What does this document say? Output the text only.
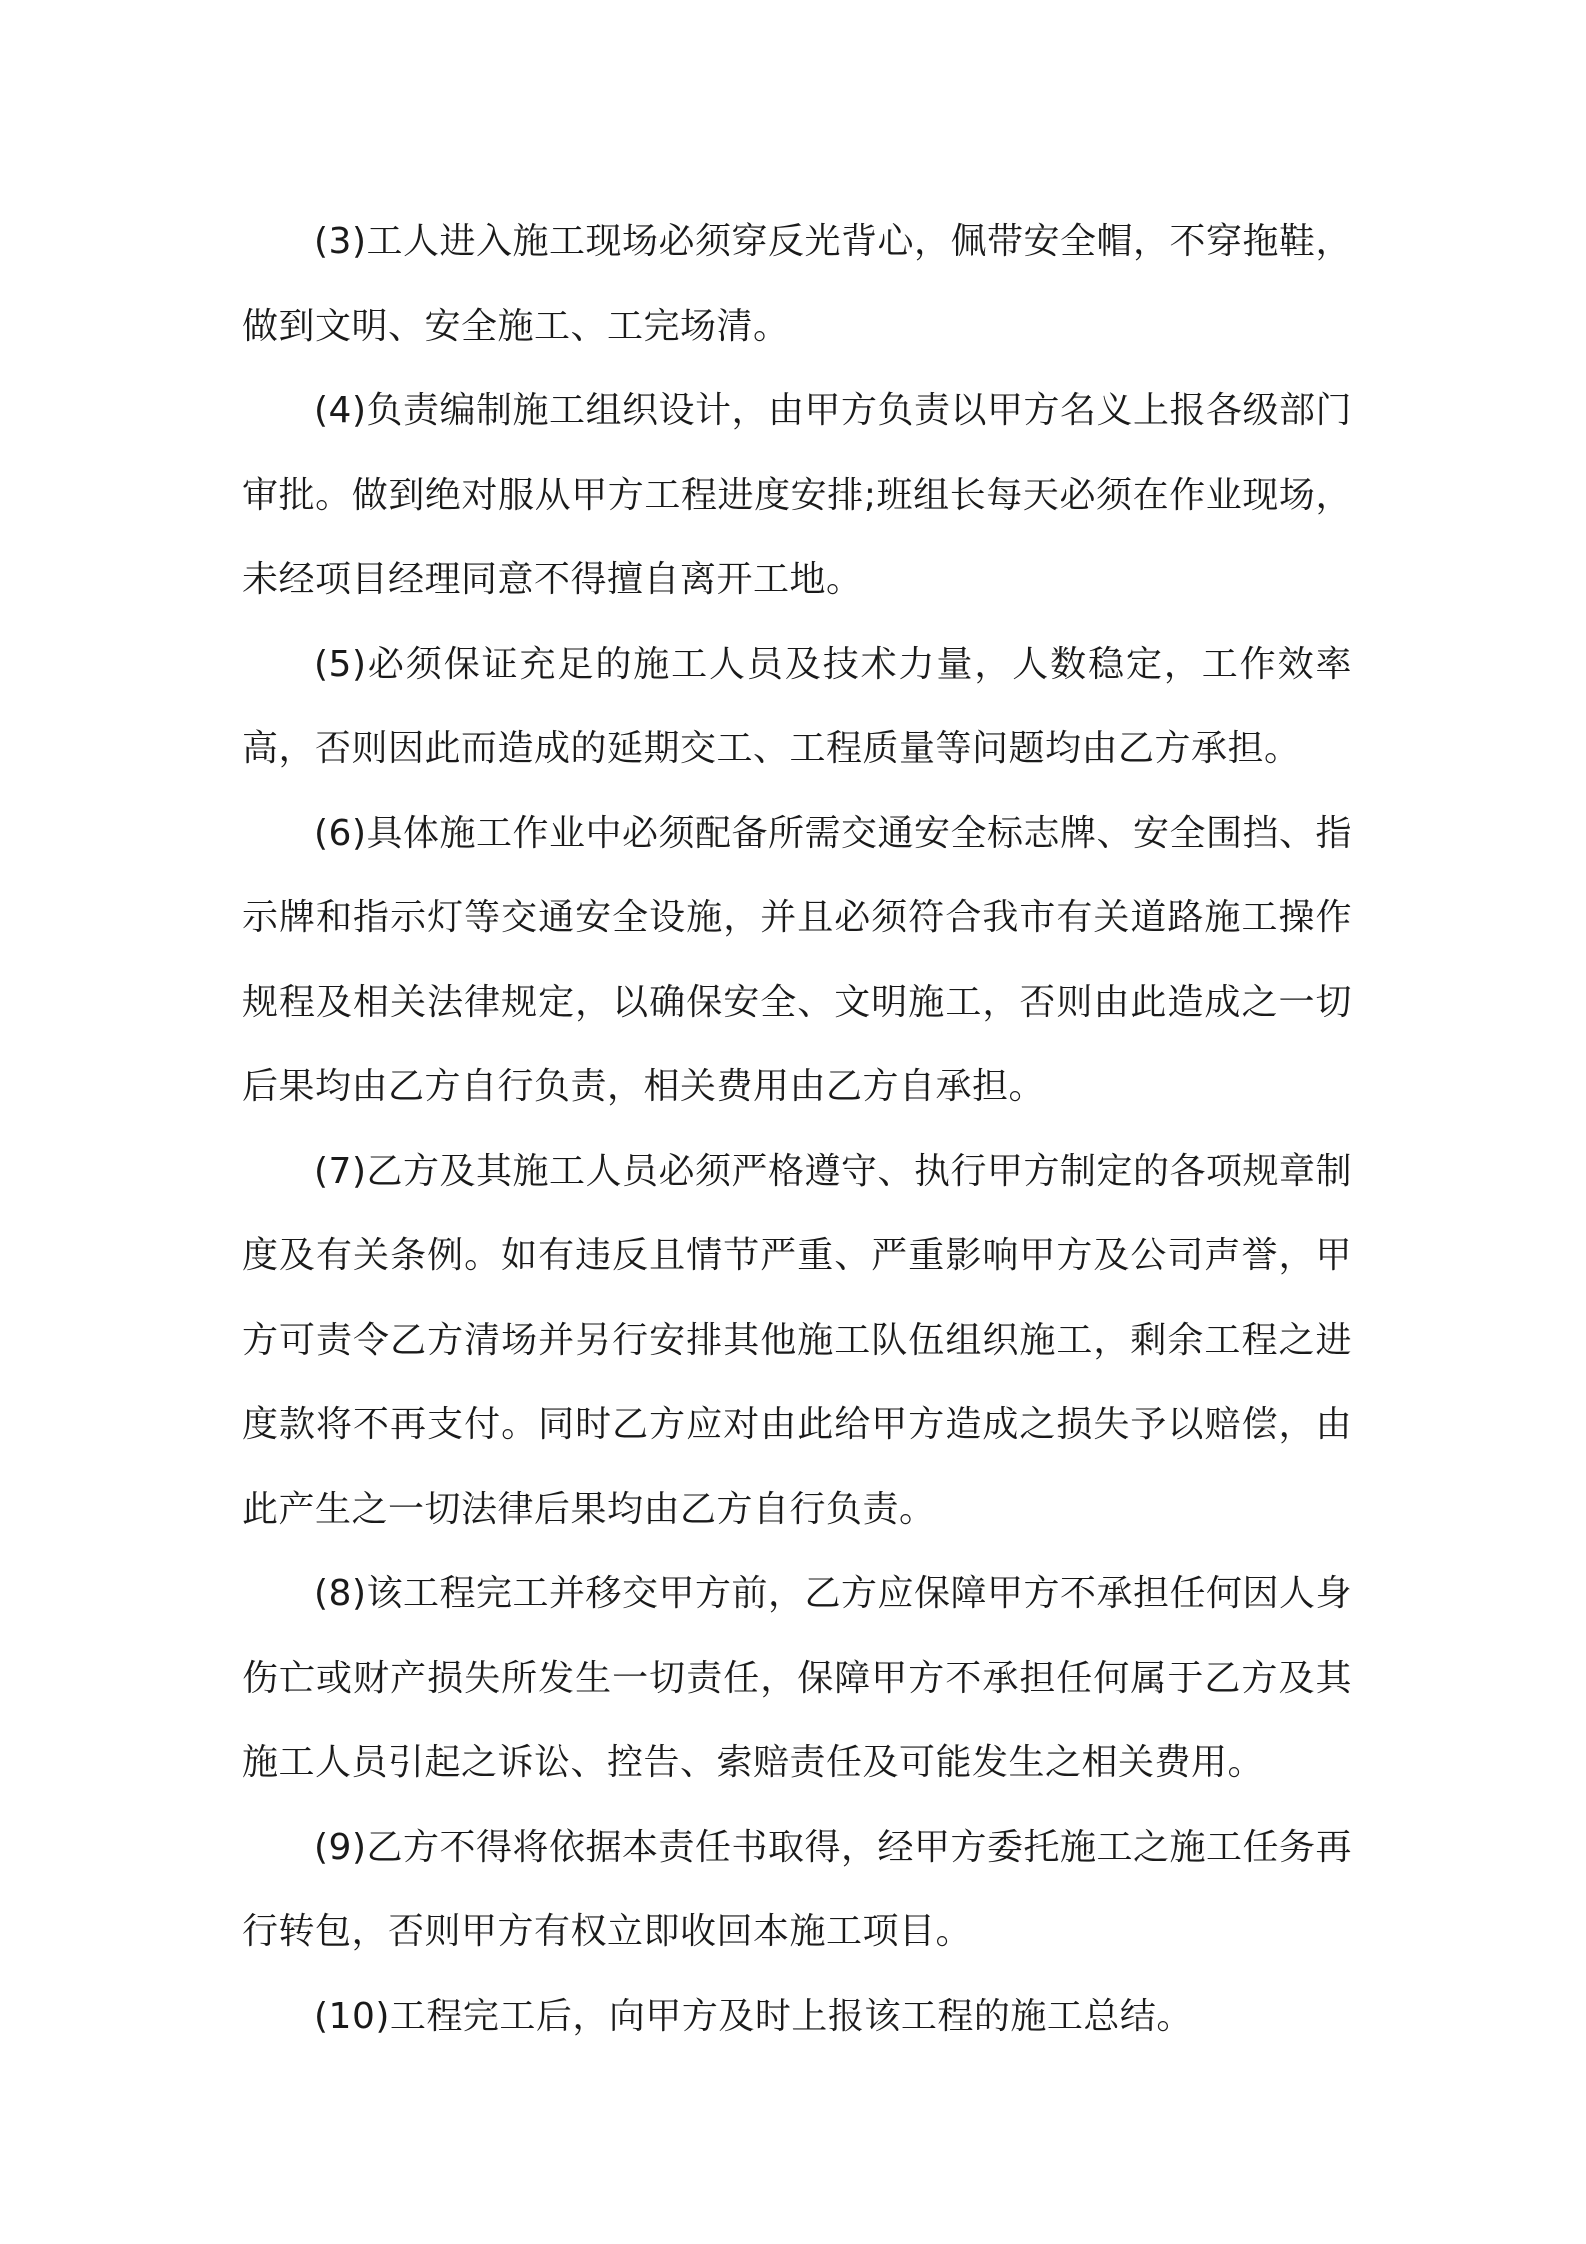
(3)工人进入施工现场必须穿反光背心，佩带安全帽，不穿拖鞋，做到文明、安全施工、工完场清。

(4)负责编制施工组织设计，由甲方负责以甲方名义上报各级部门审批。做到绝对服从甲方工程进度安排;班组长每天必须在作业现场，未经项目经理同意不得擅自离开工地。

(5)必须保证充足的施工人员及技术力量，人数稳定，工作效率高，否则因此而造成的延期交工、工程质量等问题均由乙方承担。

(6)具体施工作业中必须配备所需交通安全标志牌、安全围挡、指示牌和指示灯等交通安全设施，并且必须符合我市有关道路施工操作规程及相关法律规定，以确保安全、文明施工，否则由此造成之一切后果均由乙方自行负责，相关费用由乙方自承担。

(7)乙方及其施工人员必须严格遵守、执行甲方制定的各项规章制度及有关条例。如有违反且情节严重、严重影响甲方及公司声誉，甲方可责令乙方清场并另行安排其他施工队伍组织施工，剩余工程之进度款将不再支付。同时乙方应对由此给甲方造成之损失予以赔偿，由此产生之一切法律后果均由乙方自行负责。

(8)该工程完工并移交甲方前，乙方应保障甲方不承担任何因人身伤亡或财产损失所发生一切责任，保障甲方不承担任何属于乙方及其施工人员引起之诉讼、控告、索赔责任及可能发生之相关费用。

(9)乙方不得将依据本责任书取得，经甲方委托施工之施工任务再行转包，否则甲方有权立即收回本施工项目。

(10)工程完工后，向甲方及时上报该工程的施工总结。
